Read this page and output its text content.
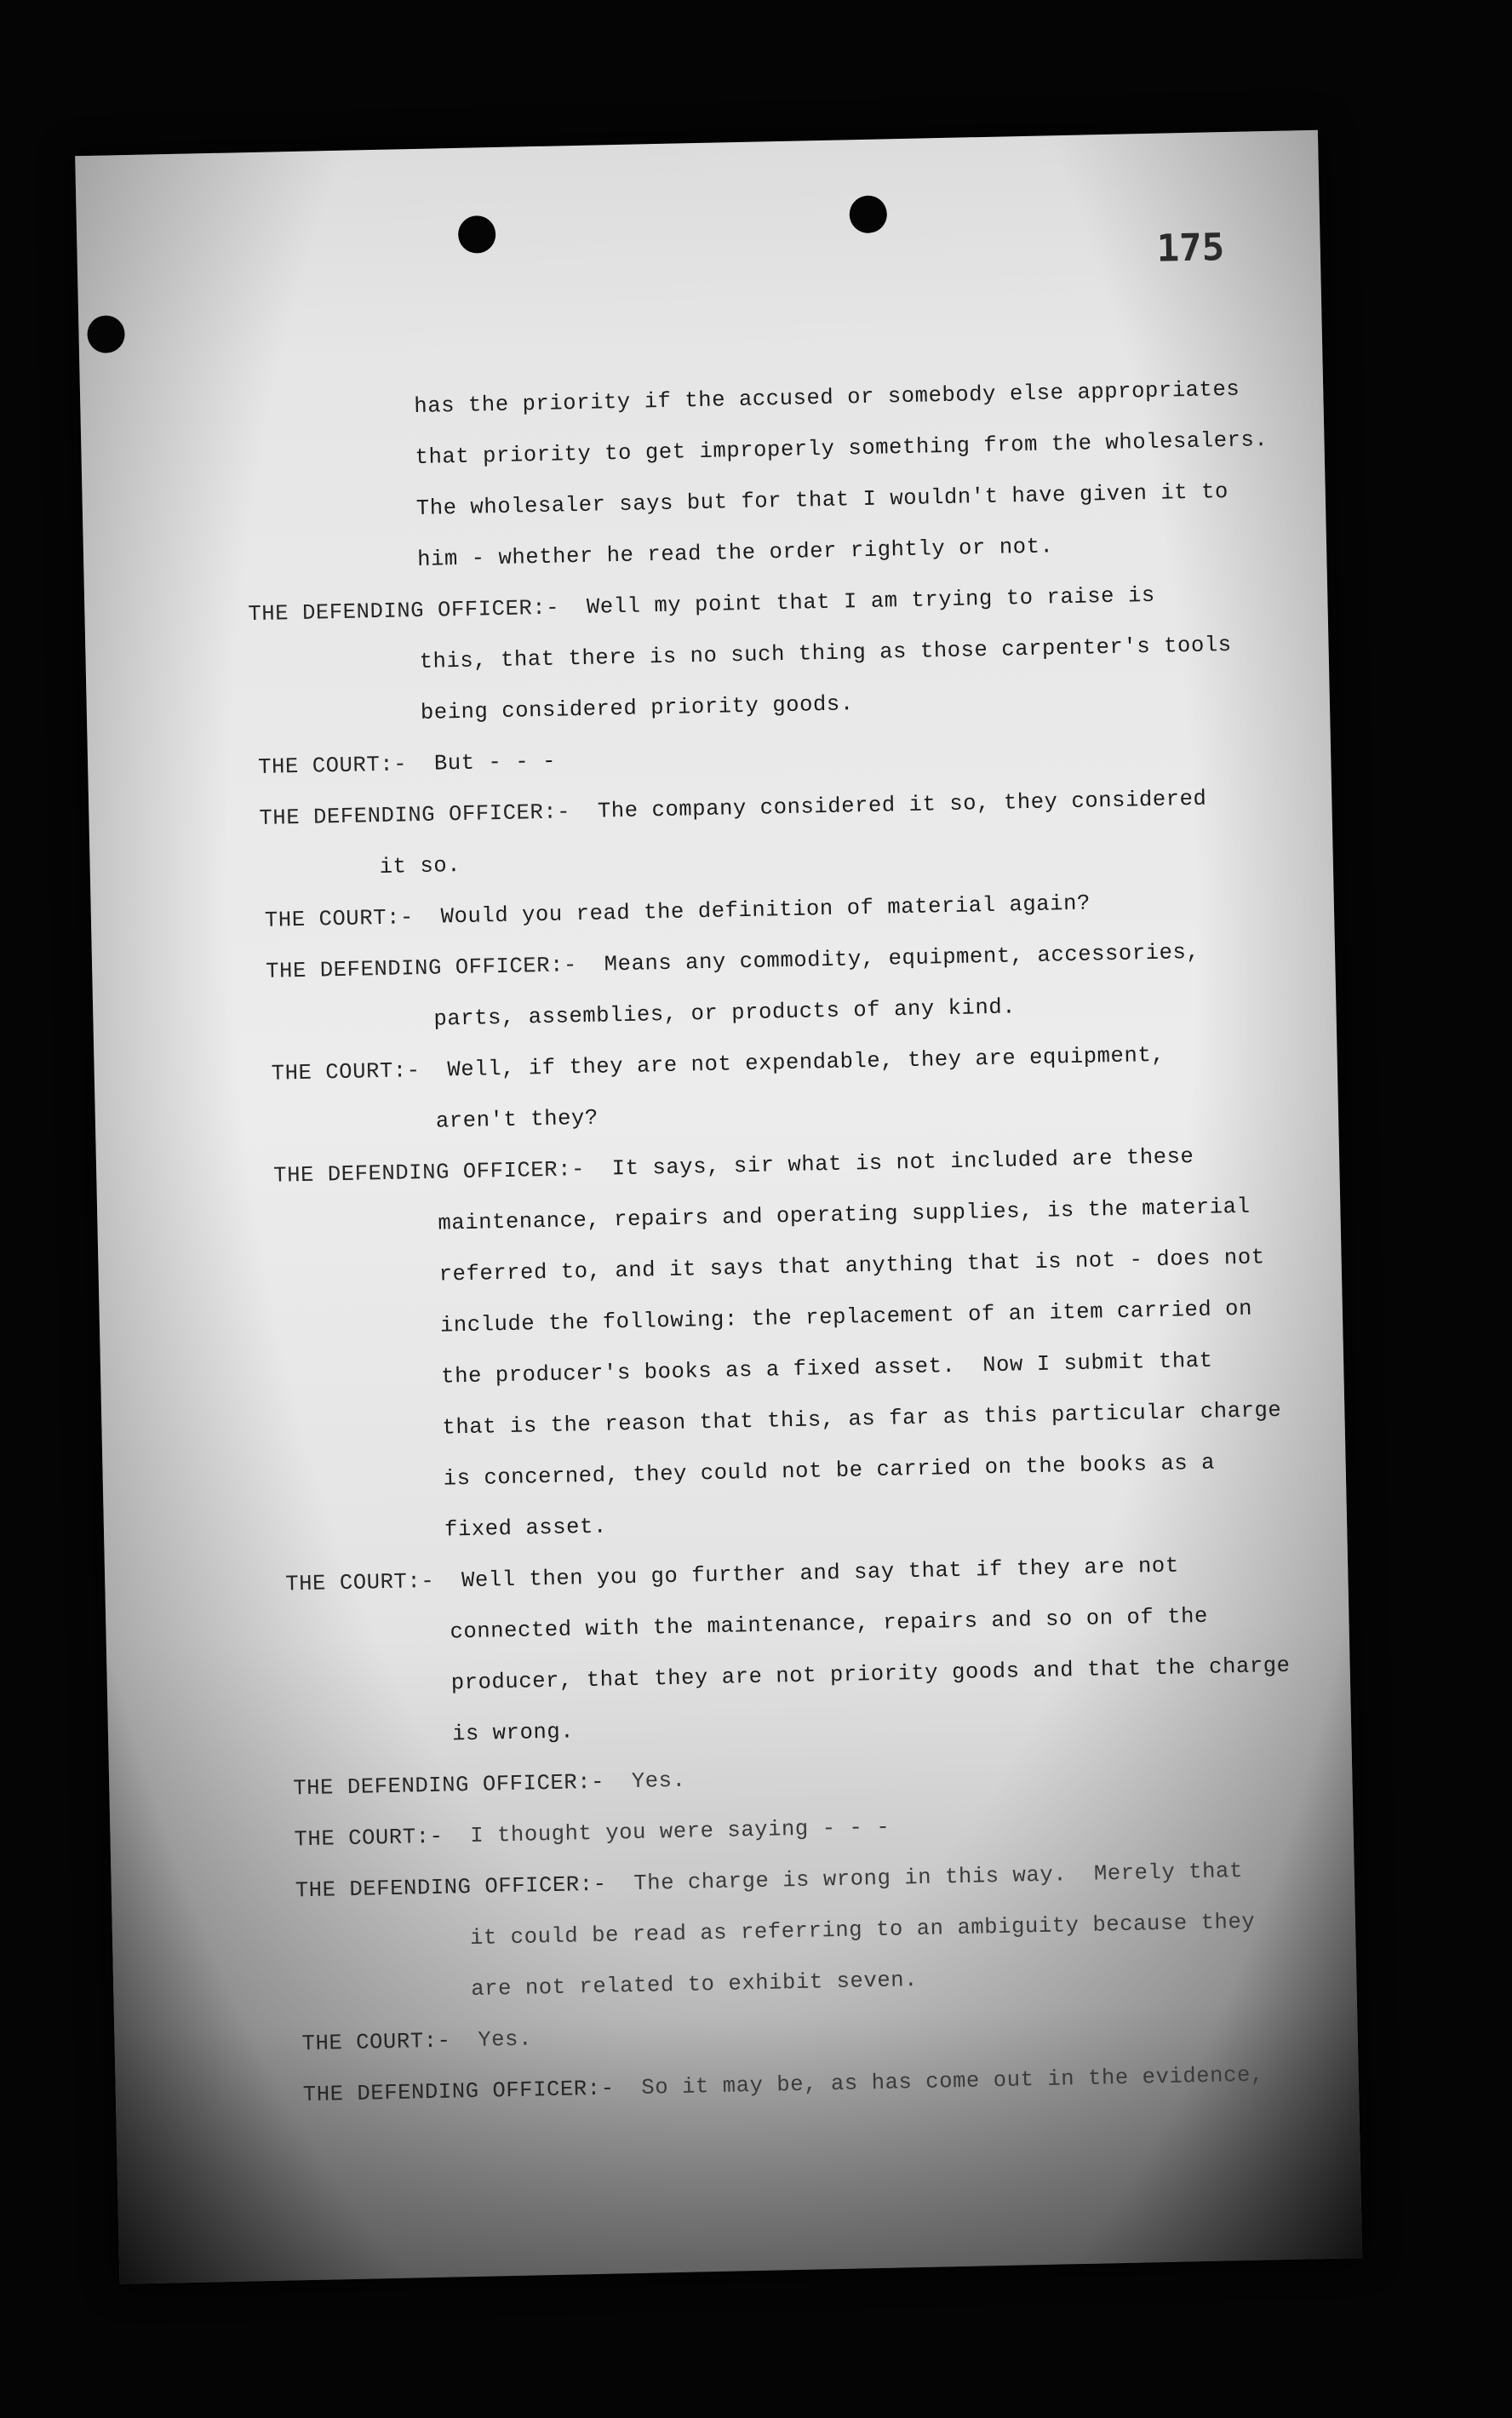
175
has the priority if the accused or somebody else appropriates
that priority to get improperly something from the wholesalers.
The wholesaler says but for that I wouldn't have given it to
him - whether he read the order rightly or not.
THE DEFENDING OFFICER:- Well my point that I am trying to raise is
this, that there is no such thing as those carpenter's tools
being considered priority goods.
THE COURT:- But - - -
THE DEFENDING OFFICER:- The company considered it so, they considered
it so.
THE COURT:- Would you read the definition of material again?
THE DEFENDING OFFICER:- Means any commodity, equipment, accessories,
parts, assemblies, or products of any kind.
THE COURT:- Well, if they are not expendable, they are equipment,
aren't they?
THE DEFENDING OFFICER:- It says, sir what is not included are these
maintenance, repairs and operating supplies, is the material
referred to, and it says that anything that is not - does not
include the following: the replacement of an item carried on
the producer's books as a fixed asset.  Now I submit that
that is the reason that this, as far as this particular charge
is concerned, they could not be carried on the books as a
fixed asset.
THE COURT:- Well then you go further and say that if they are not
connected with the maintenance, repairs and so on of the
producer, that they are not priority goods and that the charge
is wrong.
THE DEFENDING OFFICER:- Yes.
THE COURT:- I thought you were saying - - -
THE DEFENDING OFFICER:- The charge is wrong in this way.  Merely that
it could be read as referring to an ambiguity because they
are not related to exhibit seven.
THE COURT:- Yes.
THE DEFENDING OFFICER:- So it may be, as has come out in the evidence,
